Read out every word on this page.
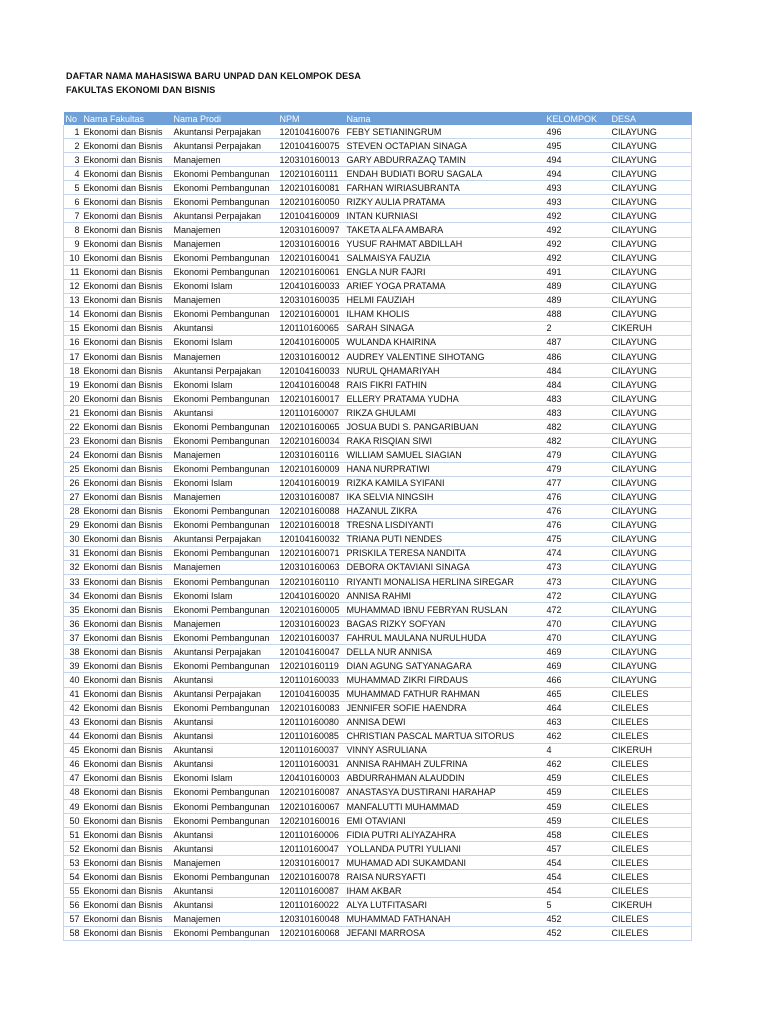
DAFTAR NAMA MAHASISWA BARU UNPAD DAN KELOMPOK DESA
FAKULTAS EKONOMI DAN BISNIS
No	Nama Fakultas	Nama Prodi	NPM	Nama	KELOMPOK	DESA
1	Ekonomi dan Bisnis	Akuntansi Perpajakan	120104160076	FEBY SETIANINGRUM	496	CILAYUNG
2	Ekonomi dan Bisnis	Akuntansi Perpajakan	120104160075	STEVEN OCTAPIAN SINAGA	495	CILAYUNG
3	Ekonomi dan Bisnis	Manajemen	120310160013	GARY ABDURRAZAQ TAMIN	494	CILAYUNG
4	Ekonomi dan Bisnis	Ekonomi Pembangunan	120210160111	ENDAH BUDIATI BORU SAGALA	494	CILAYUNG
5	Ekonomi dan Bisnis	Ekonomi Pembangunan	120210160081	FARHAN WIRIASUBRANTA	493	CILAYUNG
6	Ekonomi dan Bisnis	Ekonomi Pembangunan	120210160050	RIZKY AULIA PRATAMA	493	CILAYUNG
7	Ekonomi dan Bisnis	Akuntansi Perpajakan	120104160009	INTAN KURNIASI	492	CILAYUNG
8	Ekonomi dan Bisnis	Manajemen	120310160097	TAKETA ALFA AMBARA	492	CILAYUNG
9	Ekonomi dan Bisnis	Manajemen	120310160016	YUSUF RAHMAT ABDILLAH	492	CILAYUNG
10	Ekonomi dan Bisnis	Ekonomi Pembangunan	120210160041	SALMAISYA FAUZIA	492	CILAYUNG
11	Ekonomi dan Bisnis	Ekonomi Pembangunan	120210160061	ENGLA NUR FAJRI	491	CILAYUNG
12	Ekonomi dan Bisnis	Ekonomi Islam	120410160033	ARIEF YOGA PRATAMA	489	CILAYUNG
13	Ekonomi dan Bisnis	Manajemen	120310160035	HELMI FAUZIAH	489	CILAYUNG
14	Ekonomi dan Bisnis	Ekonomi Pembangunan	120210160001	ILHAM KHOLIS	488	CILAYUNG
15	Ekonomi dan Bisnis	Akuntansi	120110160065	SARAH SINAGA	2	CIKERUH
16	Ekonomi dan Bisnis	Ekonomi Islam	120410160005	WULANDA KHAIRINA	487	CILAYUNG
17	Ekonomi dan Bisnis	Manajemen	120310160012	AUDREY VALENTINE SIHOTANG	486	CILAYUNG
18	Ekonomi dan Bisnis	Akuntansi Perpajakan	120104160033	NURUL QHAMARIYAH	484	CILAYUNG
19	Ekonomi dan Bisnis	Ekonomi Islam	120410160048	RAIS FIKRI FATHIN	484	CILAYUNG
20	Ekonomi dan Bisnis	Ekonomi Pembangunan	120210160017	ELLERY PRATAMA YUDHA	483	CILAYUNG
21	Ekonomi dan Bisnis	Akuntansi	120110160007	RIKZA GHULAMI	483	CILAYUNG
22	Ekonomi dan Bisnis	Ekonomi Pembangunan	120210160065	JOSUA BUDI S. PANGARIBUAN	482	CILAYUNG
23	Ekonomi dan Bisnis	Ekonomi Pembangunan	120210160034	RAKA RISQIAN SIWI	482	CILAYUNG
24	Ekonomi dan Bisnis	Manajemen	120310160116	WILLIAM SAMUEL SIAGIAN	479	CILAYUNG
25	Ekonomi dan Bisnis	Ekonomi Pembangunan	120210160009	HANA NURPRATIWI	479	CILAYUNG
26	Ekonomi dan Bisnis	Ekonomi Islam	120410160019	RIZKA KAMILA SYIFANI	477	CILAYUNG
27	Ekonomi dan Bisnis	Manajemen	120310160087	IKA SELVIA NINGSIH	476	CILAYUNG
28	Ekonomi dan Bisnis	Ekonomi Pembangunan	120210160088	HAZANUL ZIKRA	476	CILAYUNG
29	Ekonomi dan Bisnis	Ekonomi Pembangunan	120210160018	TRESNA LISDIYANTI	476	CILAYUNG
30	Ekonomi dan Bisnis	Akuntansi Perpajakan	120104160032	TRIANA PUTI NENDES	475	CILAYUNG
31	Ekonomi dan Bisnis	Ekonomi Pembangunan	120210160071	PRISKILA TERESA NANDITA	474	CILAYUNG
32	Ekonomi dan Bisnis	Manajemen	120310160063	DEBORA OKTAVIANI SINAGA	473	CILAYUNG
33	Ekonomi dan Bisnis	Ekonomi Pembangunan	120210160110	RIYANTI MONALISA HERLINA SIREGAR	473	CILAYUNG
34	Ekonomi dan Bisnis	Ekonomi Islam	120410160020	ANNISA RAHMI	472	CILAYUNG
35	Ekonomi dan Bisnis	Ekonomi Pembangunan	120210160005	MUHAMMAD IBNU FEBRYAN RUSLAN	472	CILAYUNG
36	Ekonomi dan Bisnis	Manajemen	120310160023	BAGAS RIZKY SOFYAN	470	CILAYUNG
37	Ekonomi dan Bisnis	Ekonomi Pembangunan	120210160037	FAHRUL MAULANA NURULHUDA	470	CILAYUNG
38	Ekonomi dan Bisnis	Akuntansi Perpajakan	120104160047	DELLA NUR ANNISA	469	CILAYUNG
39	Ekonomi dan Bisnis	Ekonomi Pembangunan	120210160119	DIAN AGUNG SATYANAGARA	469	CILAYUNG
40	Ekonomi dan Bisnis	Akuntansi	120110160033	MUHAMMAD ZIKRI FIRDAUS	466	CILAYUNG
41	Ekonomi dan Bisnis	Akuntansi Perpajakan	120104160035	MUHAMMAD FATHUR RAHMAN	465	CILELES
42	Ekonomi dan Bisnis	Ekonomi Pembangunan	120210160083	JENNIFER SOFIE HAENDRA	464	CILELES
43	Ekonomi dan Bisnis	Akuntansi	120110160080	ANNISA DEWI	463	CILELES
44	Ekonomi dan Bisnis	Akuntansi	120110160085	CHRISTIAN PASCAL MARTUA SITORUS	462	CILELES
45	Ekonomi dan Bisnis	Akuntansi	120110160037	VINNY ASRULIANA	4	CIKERUH
46	Ekonomi dan Bisnis	Akuntansi	120110160031	ANNISA RAHMAH ZULFRINA	462	CILELES
47	Ekonomi dan Bisnis	Ekonomi Islam	120410160003	ABDURRAHMAN ALAUDDIN	459	CILELES
48	Ekonomi dan Bisnis	Ekonomi Pembangunan	120210160087	ANASTASYA DUSTIRANI HARAHAP	459	CILELES
49	Ekonomi dan Bisnis	Ekonomi Pembangunan	120210160067	MANFALUTTI MUHAMMAD	459	CILELES
50	Ekonomi dan Bisnis	Ekonomi Pembangunan	120210160016	EMI OTAVIANI	459	CILELES
51	Ekonomi dan Bisnis	Akuntansi	120110160006	FIDIA PUTRI ALIYAZAHRA	458	CILELES
52	Ekonomi dan Bisnis	Akuntansi	120110160047	YOLLANDA PUTRI YULIANI	457	CILELES
53	Ekonomi dan Bisnis	Manajemen	120310160017	MUHAMAD ADI SUKAMDANI	454	CILELES
54	Ekonomi dan Bisnis	Ekonomi Pembangunan	120210160078	RAISA NURSYAFTI	454	CILELES
55	Ekonomi dan Bisnis	Akuntansi	120110160087	IHAM AKBAR	454	CILELES
56	Ekonomi dan Bisnis	Akuntansi	120110160022	ALYA LUTFITASARI	5	CIKERUH
57	Ekonomi dan Bisnis	Manajemen	120310160048	MUHAMMAD FATHANAH	452	CILELES
58	Ekonomi dan Bisnis	Ekonomi Pembangunan	120210160068	JEFANI MARROSA	452	CILELES
